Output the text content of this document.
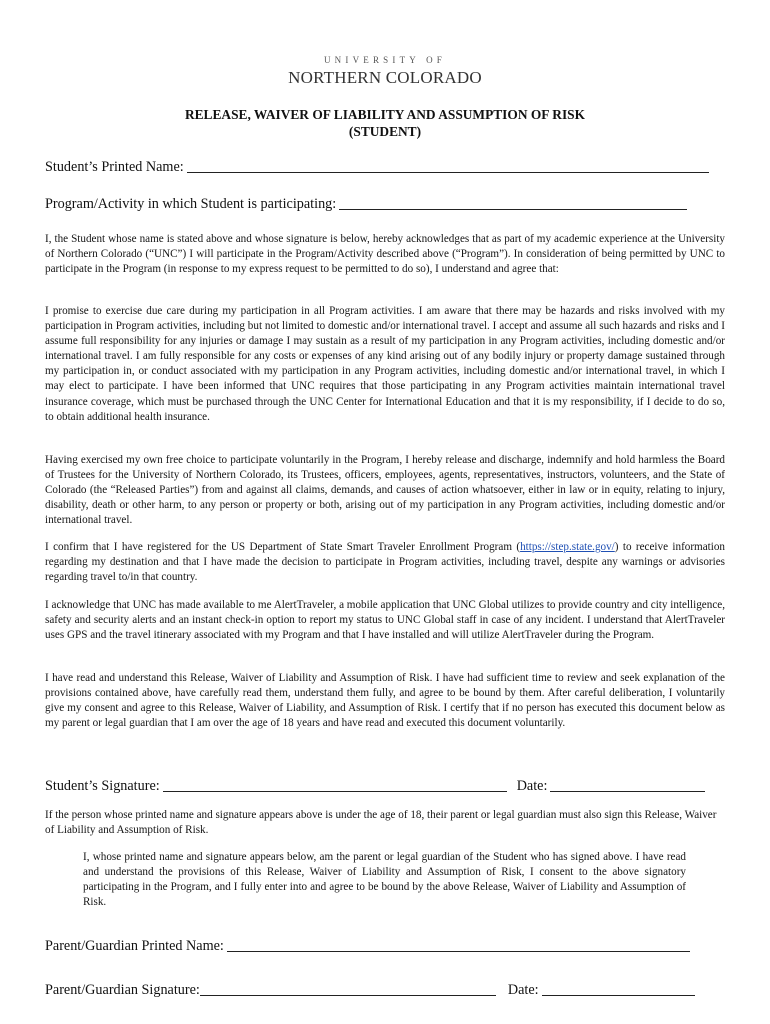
UNIVERSITY OF
NORTHERN COLORADO
RELEASE, WAIVER OF LIABILITY AND ASSUMPTION OF RISK
(STUDENT)
Student’s Printed Name:
Program/Activity in which Student is participating:

I, the Student whose name is stated above and whose signature is below, hereby acknowledges that as part of my academic experience at the University of Northern Colorado (“UNC”) I will participate in the Program/Activity described above (“Program”). In consideration of being permitted by UNC to participate in the Program (in response to my express request to be permitted to do so), I understand and agree that:

I promise to exercise due care during my participation in all Program activities. I am aware that there may be hazards and risks involved with my participation in Program activities, including but not limited to domestic and/or international travel. I accept and assume all such hazards and risks and I assume full responsibility for any injuries or damage I may sustain as a result of my participation in any Program activities, including domestic and/or international travel. I am fully responsible for any costs or expenses of any kind arising out of any bodily injury or property damage sustained through my participation in, or conduct associated with my participation in any Program activities, including domestic and/or international travel, in which I may elect to participate. I have been informed that UNC requires that those participating in any Program activities maintain international travel insurance coverage, which must be purchased through the UNC Center for International Education and that it is my responsibility, if I decide to do so, to obtain additional health insurance.

Having exercised my own free choice to participate voluntarily in the Program, I hereby release and discharge, indemnify and hold harmless the Board of Trustees for the University of Northern Colorado, its Trustees, officers, employees, agents, representatives, instructors, volunteers, and the State of Colorado (the “Released Parties”) from and against all claims, demands, and causes of action whatsoever, either in law or in equity, relating to injury, disability, death or other harm, to any person or property or both, arising out of my participation in any Program activities, including domestic and/or international travel.

I confirm that I have registered for the US Department of State Smart Traveler Enrollment Program (https://step.state.gov/) to receive information regarding my destination and that I have made the decision to participate in Program activities, including travel, despite any warnings or advisories regarding travel to/in that country.

I acknowledge that UNC has made available to me AlertTraveler, a mobile application that UNC Global utilizes to provide country and city intelligence, safety and security alerts and an instant check-in option to report my status to UNC Global staff in case of any incident. I understand that AlertTraveler uses GPS and the travel itinerary associated with my Program and that I have installed and will utilize AlertTraveler during the Program.

I have read and understand this Release, Waiver of Liability and Assumption of Risk. I have had sufficient time to review and seek explanation of the provisions contained above, have carefully read them, understand them fully, and agree to be bound by them. After careful deliberation, I voluntarily give my consent and agree to this Release, Waiver of Liability, and Assumption of Risk. I certify that if no person has executed this document below as my parent or legal guardian that I am over the age of 18 years and have read and executed this document voluntarily.

Student’s Signature:	Date:

If the person whose printed name and signature appears above is under the age of 18, their parent or legal guardian must also sign this Release, Waiver of Liability and Assumption of Risk.

I, whose printed name and signature appears below, am the parent or legal guardian of the Student who has signed above. I have read and understand the provisions of this Release, Waiver of Liability and Assumption of Risk, I consent to the above signatory participating in the Program, and I fully enter into and agree to be bound by the above Release, Waiver of Liability and Assumption of Risk.

Parent/Guardian Printed Name:
Parent/Guardian Signature:	Date:
